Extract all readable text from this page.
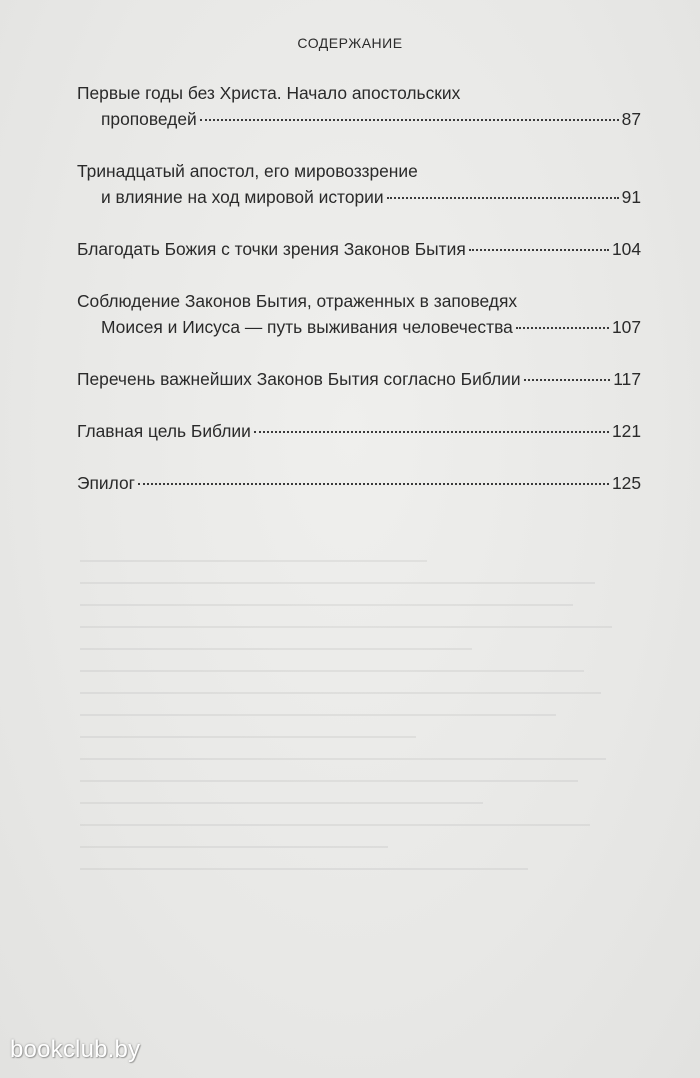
СОДЕРЖАНИЕ
Первые годы без Христа. Начало апостольских
проповедей	87
Тринадцатый апостол, его мировоззрение
и влияние на ход мировой истории	91
Благодать Божия с точки зрения Законов Бытия	104
Соблюдение Законов Бытия, отраженных в заповедях
Моисея и Иисуса — путь выживания человечества	107
Перечень важнейших Законов Бытия согласно Библии	117
Главная цель Библии	121
Эпилог	125
bookclub.by
